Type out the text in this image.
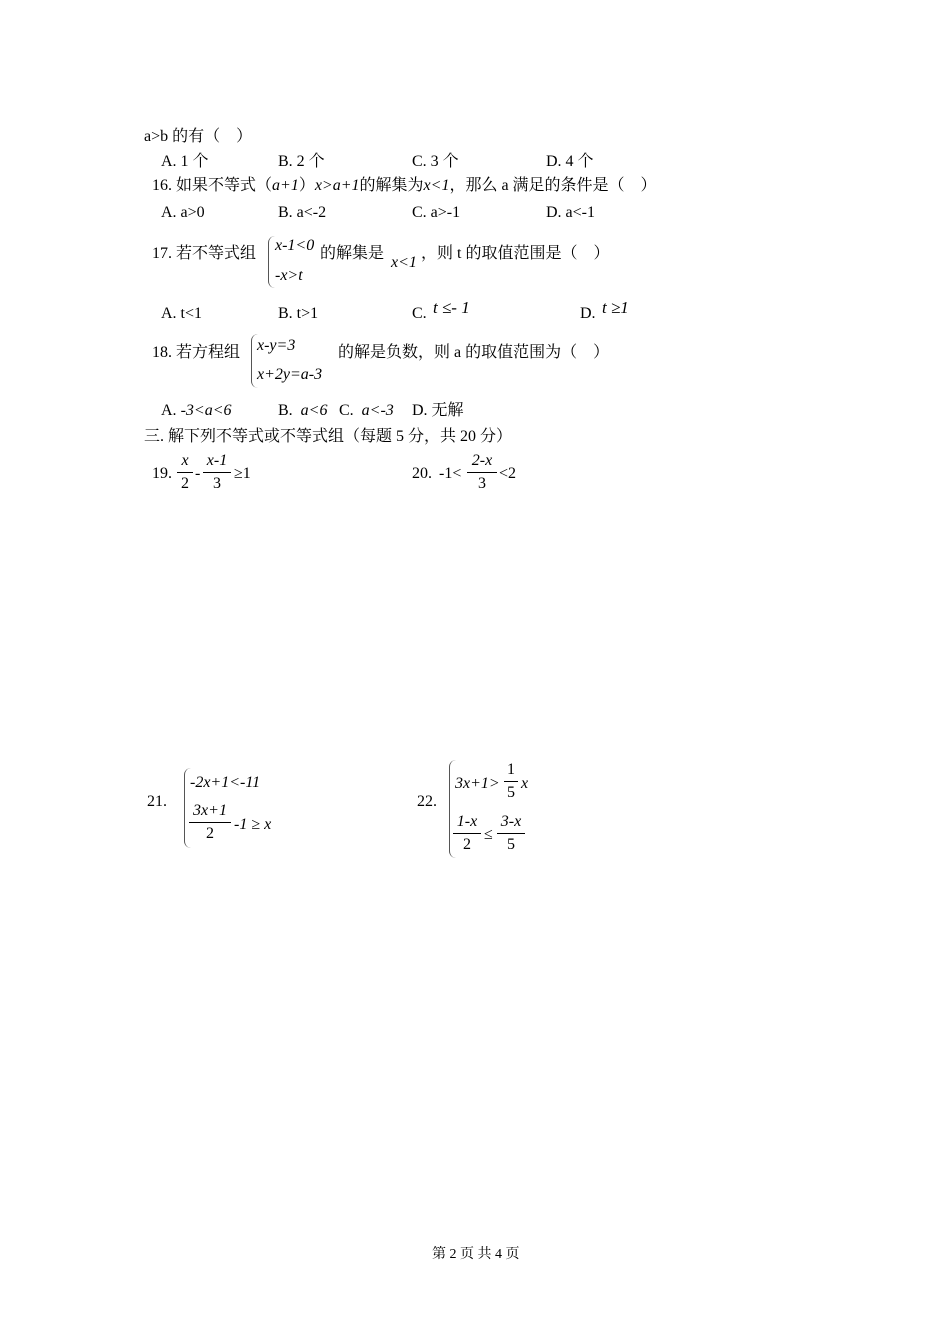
a>b 的有（　）
A. 1 个	B. 2 个	C. 3 个	D. 4 个
16. 如果不等式（a+1）x>a+1的解集为x<1，那么 a 满足的条件是（　）
A. a>0	B. a<-2	C. a>-1	D. a<-1
17. 若不等式组 x-1<0
-x>t
的解集是
x<1
，则 t 的取值范围是（　）
A. t<1	B. t>1	C. t ≤- 1	D. t ≥1
18. 若方程组 x-y=3
x+2y=a-3
的解是负数，则 a 的取值范围为（　）
A. -3<a<6	B. a<6 C. a<-3 D. 无解
三. 解下列不等式或不等式组（每题 5 分，共 20 分）
19.
x
2
-
x-1
3
≥1	20. -1<
2-x
3
<2
21.
-2x+1<-11
3x+1
2
-1 ≥ x
22.
3x+1>
1
5
x
1-x
2
≤
3-x
5
第 2 页 共 4 页
